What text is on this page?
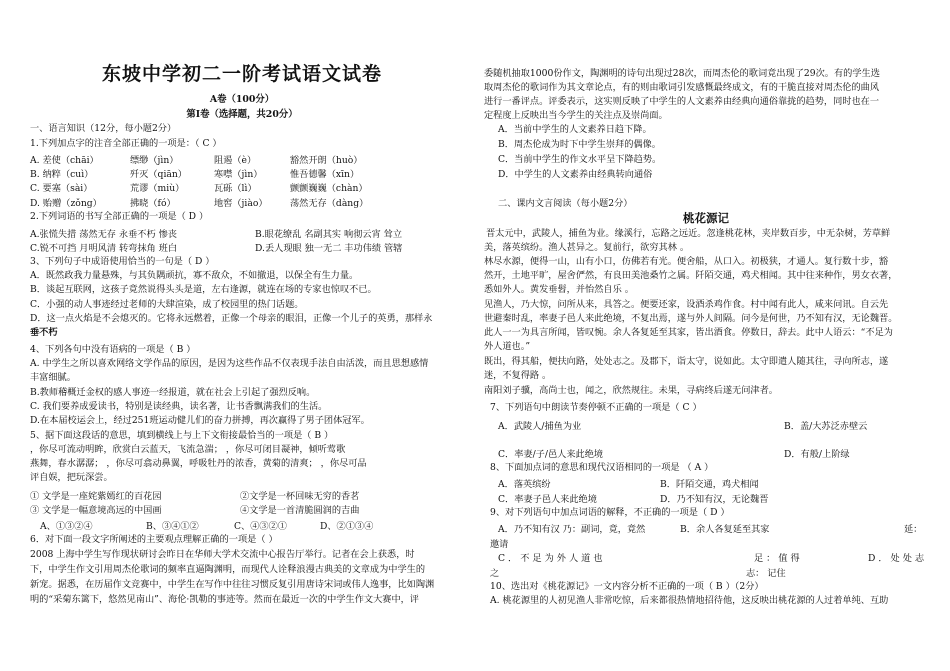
东坡中学初二一阶考试语文试卷
A卷（100分）
第Ⅰ卷（选择题，共20分）
一、语言知识（12分，每小题2分）
1.下列加点字的注音全部正确的一项是：（ C ）
A. 差使（chāi）	缥缈（jìn）	阻遏（è）	豁然开朗（huò）
B. 纳粹（cuì）	歼灭（qiān）	寒噤（jìn）	惟吾德馨（xīn）
C. 要塞（sài）	荒谬（miù）	瓦砾（lì）	颤颤巍巍（chàn）
D. 贻赠（zǒng）	拂晓（fó）	地窖（jiào） 荡然无存（dàng）
2.下列词语的书写全部正确的一项是（ D ）
A.张慌失措 荡然无存 永垂不朽 惨丧	B.眼花缭乱 名副其实 响彻云宵 耸立
C.锐不可挡 月明风清 转弯抹角 班白	D.丢人现眼 独一无二 丰功伟绩 管辖
3、下列句子中成语使用恰当的一句是（ D ）
A．既然政我力量悬殊，与其负隅顽抗，寡不敌众，不如撤退，以保全有生力量。
B．谈起互联网，这孩子竟然说得头头是道，左右逢源，就连在场的专家也惊叹不已。
C．小强的动人事迹经过老师的大肆渲染，成了校园里的热门话题。
D．这一点火焰是不会熄灭的。它将永远燃着，正像一个母亲的眼泪，正像一个儿子的英勇，那样永
垂不朽
4、下列各句中没有语病的一项是（ B ）
A. 中学生之所以喜欢网络文学作品的原因，是因为这些作品不仅表现手法自由活泼，而且思想感情
丰富细腻。
B.教师稽概迁金权的感人事迹一经报道，就在社会上引起了强烈反响。
C. 我们要养成爱读书，特别是读经典，读名著，让书香飘满我们的生活。
D.在本届校运会上，经过251班运动健儿们的奋力拼搏，再次赢得了男子团体冠军。
5、据下面这段话的意思，填到横线上与上下文衔接最恰当的一项是（ B ）
，你尽可流动明眸，欣赏白云蓝天，飞流急湍； ，你尽可闭目凝神，倾听莺歌
燕舞，春水潺潺； ，你尽可翕动鼻翼，呼吸牡丹的浓香，黄菊的清爽； ，你尽可品
评自娱，把玩深尝。
① 文学是一座姹紫嫣红的百花园	②文学是一杯回味无穷的香茗
③ 文学是一幅意境高远的中国画	④文学是一首清脆圆润的吉曲
A、①③②④	B、③④①②	C、④③②①	D、②①③④
6．对下面一段文字所阐述的主要观点理解正确的一项是（ ）
2008 上海中学生写作现状研讨会昨日在华师大学术交流中心报告厅举行。记者在会上获悉，时
下，中学生作文引用周杰伦歌词的频率直逼陶渊明，而现代人诠释浪漫古典美的文章成为中学生的
新宠。据悉，在历届作文竞赛中，中学生在写作中往往习惯反复引用唐诗宋词或伟人逸事，比如陶渊
明的“采菊东篱下，悠然见南山”、海伦·凯勒的事迹等。然而在最近一次的中学生作文大赛中，评
委随机抽取1000份作文，陶渊明的诗句出现过28次，而周杰伦的歌词竟出现了29次。有的学生选
取周杰伦的歌词作为其文章论点，有的则由歌词引发感慨最终成文，有的干脆直接对周杰伦的曲风
进行一番评点。评委表示，这实则反映了中学生的人文素养由经典向通俗靠拢的趋势，同时也在一
定程度上反映出当今学生的关注点及崇尚面。
A．当前中学生的人文素养日趋下降。
B．周杰伦成为时下中学生崇拜的偶像。
C．当前中学生的作文水平呈下降趋势。
D．中学生的人文素养由经典转向通俗
二、课内文言阅读（每小题2分）
桃花源记
晋太元中，武陵人，捕鱼为业。缘溪行，忘路之远近。忽逢桃花林，夹岸数百步，中无杂树，芳草鲜
美，落英缤纷。渔人甚异之。复前行，欲穷其林 。
林尽水源，便得一山，山有小口，仿佛若有光。便舍船，从口入。初极狭，才通人。复行数十步，豁
然开，土地平旷，屋舍俨然，有良田美池桑竹之属。阡陌交通，鸡犬相闻。其中往来种作，男女衣著，
悉如外人。黄发垂髫，并怡然自乐 。
见渔人，乃大惊，问所从来，具答之。便要还家，设酒杀鸡作食。村中闻有此人，咸来问讯。自云先
世避秦时乱，率妻子邑人来此绝境，不复出焉，遂与外人间隔。问今是何世，乃不知有汉，无论魏晋。
此人一一为具言所闻，皆叹惋。余人各复延至其家，皆出酒食。停数日，辞去。此中人语云：“不足为
外人道也。”
既出，得其船，便扶向路，处处志之。及郡下，诣太守，说如此。太守即遣人随其往，寻向所志，遂
迷，不复得路 。
南阳刘子骥，高尚士也，闻之，欣然规往。未果，寻病终后遂无问津者。
7、下列语句中朗读节奏停顿不正确的一项是（ C ）
A．武陵人/捕鱼为业	B．盖/大苏泛赤壁云
C．率妻/子/邑人来此绝境	D．有般/上阶绿
8、下面加点词的意思和现代汉语相同的一项是 （ A ）
A．落英缤纷	B．阡陌交通，鸡犬相闻
C．率妻子邑人来此绝境	D．乃不知有汉，无论魏晋
9、对下列语句中加点词语的解释，不正确的一项是（ D ）
A．乃不知有汉 乃：副词，竟，竟然	B．余人各复延至其家	延：
邀请
C．不足为外人道也	足：值得	D．处处志
之	志： 记住
10、选出对《桃花源记》一文内容分析不正确的一项（ B ）（2分）
A. 桃花源里的人初见渔人非常吃惊，后来都很热情地招待他，这反映出桃花源的人过着单纯、互助
